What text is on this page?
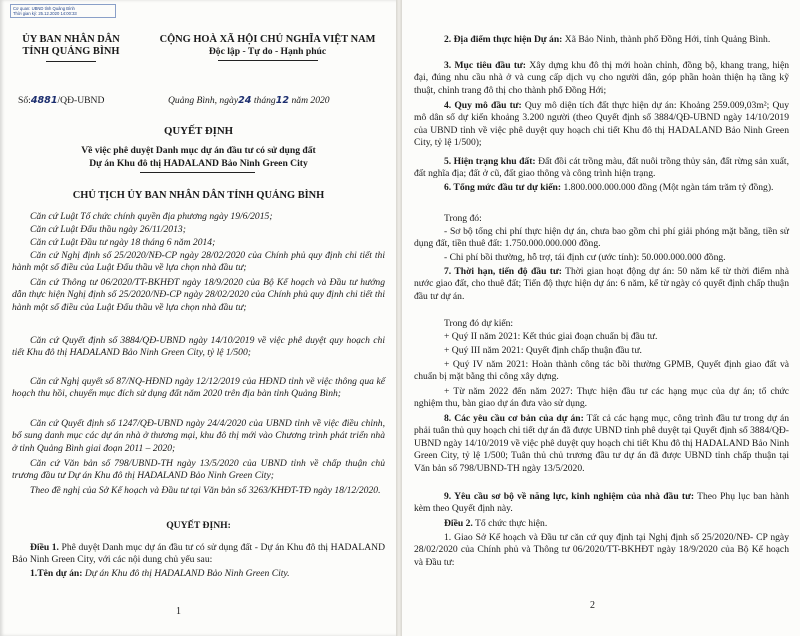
Cơ quan: UBND tỉnh Quảng Bình
Thời gian ký: 25.12.2020 14:00:33
ỦY BAN NHÂN DÂN
TỈNH QUẢNG BÌNH
Số:4881/QĐ-UBND
CỘNG HOÀ XÃ HỘI CHỦ NGHĨA VIỆT NAM
Độc lập - Tự do - Hạnh phúc
Quảng Bình, ngày24 tháng12 năm 2020
QUYẾT ĐỊNH
Về việc phê duyệt Danh mục dự án đầu tư có sử dụng đất
Dự án Khu đô thị HADALAND Bảo Ninh Green City
CHỦ TỊCH ỦY BAN NHÂN DÂN TỈNH QUẢNG BÌNH

Căn cứ Luật Tổ chức chính quyền địa phương ngày 19/6/2015;

Căn cứ Luật Đấu thầu ngày 26/11/2013;

Căn cứ Luật Đầu tư ngày 18 tháng 6 năm 2014;

Căn cứ Nghị định số 25/2020/NĐ-CP ngày 28/02/2020 của Chính phủ quy định chi tiết thi hành một số điều của Luật Đấu thầu về lựa chọn nhà đầu tư;

Căn cứ Thông tư 06/2020/TT-BKHĐT ngày 18/9/2020 của Bộ Kế hoạch và Đầu tư hướng dẫn thực hiện Nghị định số 25/2020/NĐ-CP ngày 28/02/2020 của Chính phủ quy định chi tiết thi hành một số điều của Luật Đấu thầu về lựa chọn nhà đầu tư;

Căn cứ Quyết định số 3884/QĐ-UBND ngày 14/10/2019 về việc phê duyệt quy hoạch chi tiết Khu đô thị HADALAND Bảo Ninh Green City, tỷ lệ 1/500;

Căn cứ Nghị quyết số 87/NQ-HĐND ngày 12/12/2019 của HĐND tỉnh về việc thông qua kế hoạch thu hồi, chuyển mục đích sử dụng đất năm 2020 trên địa bàn tỉnh Quảng Bình;

Căn cứ Quyết định số 1247/QĐ-UBND ngày 24/4/2020 của UBND tỉnh về việc điều chỉnh, bổ sung danh mục các dự án nhà ở thương mại, khu đô thị mới vào Chương trình phát triển nhà ở tỉnh Quảng Bình giai đoạn 2011 – 2020;

Căn cứ Văn bản số 798/UBND-TH ngày 13/5/2020 của UBND tỉnh về chấp thuận chủ trương đầu tư Dự án Khu đô thị HADALAND Bảo Ninh Green City;

Theo đề nghị của Sở Kế hoạch và Đầu tư tại Văn bản số 3263/KHĐT-TĐ ngày 18/12/2020.

QUYẾT ĐỊNH:

Điều 1. Phê duyệt Danh mục dự án đầu tư có sử dụng đất - Dự án Khu đô thị HADALAND Bảo Ninh Green City, với các nội dung chủ yếu sau:

1.Tên dự án: Dự án Khu đô thị HADALAND Bảo Ninh Green City.

1

2. Địa điểm thực hiện Dự án: Xã Bảo Ninh, thành phố Đồng Hới, tỉnh Quảng Bình.

3. Mục tiêu đầu tư: Xây dựng khu đô thị mới hoàn chỉnh, đồng bộ, khang trang, hiện đại, đúng nhu cầu nhà ở và cung cấp dịch vụ cho người dân, góp phần hoàn thiện hạ tầng kỹ thuật, chỉnh trang đô thị cho thành phố Đồng Hới;

4. Quy mô đầu tư: Quy mô diện tích đất thực hiện dự án: Khoảng 259.009,03m²; Quy mô dân số dự kiến khoảng 3.200 người (theo Quyết định số 3884/QĐ-UBND ngày 14/10/2019 của UBND tỉnh về việc phê duyệt quy hoạch chi tiết Khu đô thị HADALAND Bảo Ninh Green City, tỷ lệ 1/500);

5. Hiện trạng khu đất: Đất đồi cát trồng màu, đất nuôi trồng thủy sản, đất rừng sản xuất, đất nghĩa địa; đất ở cũ, đất giao thông và công trình hiện trạng.

6. Tổng mức đầu tư dự kiến: 1.800.000.000.000 đồng (Một ngàn tám trăm tỷ đồng).

Trong đó:

- Sơ bộ tổng chi phí thực hiện dự án, chưa bao gồm chi phí giải phóng mặt bằng, tiền sử dụng đất, tiền thuê đất: 1.750.000.000.000 đồng.

- Chi phí bồi thường, hỗ trợ, tái định cư (ước tính): 50.000.000.000 đồng.

7. Thời hạn, tiến độ đầu tư: Thời gian hoạt động dự án: 50 năm kể từ thời điểm nhà nước giao đất, cho thuê đất; Tiến độ thực hiện dự án: 6 năm, kể từ ngày có quyết định chấp thuận đầu tư dự án.

Trong đó dự kiến:

+ Quý II năm 2021: Kết thúc giai đoạn chuẩn bị đầu tư.

+ Quý III năm 2021: Quyết định chấp thuận đầu tư.

+ Quý IV năm 2021: Hoàn thành công tác bồi thường GPMB, Quyết định giao đất và chuẩn bị mặt bằng thi công xây dựng.

+ Từ năm 2022 đến năm 2027: Thực hiện đầu tư các hạng mục của dự án; tổ chức nghiệm thu, bàn giao dự án đưa vào sử dụng.

8. Các yêu cầu cơ bản của dự án: Tất cả các hạng mục, công trình đầu tư trong dự án phải tuân thủ quy hoạch chi tiết dự án đã được UBND tỉnh phê duyệt tại Quyết định số 3884/QĐ-UBND ngày 14/10/2019 về việc phê duyệt quy hoạch chi tiết Khu đô thị HADALAND Bảo Ninh Green City, tỷ lệ 1/500; Tuân thủ chủ trương đầu tư dự án đã được UBND tỉnh chấp thuận tại Văn bản số 798/UBND-TH ngày 13/5/2020.

9. Yêu cầu sơ bộ về năng lực, kinh nghiệm của nhà đầu tư: Theo Phụ lục ban hành kèm theo Quyết định này.

Điều 2. Tổ chức thực hiện.

1. Giao Sở Kế hoạch và Đầu tư căn cứ quy định tại Nghị định số 25/2020/NĐ- CP ngày 28/02/2020 của Chính phủ và Thông tư 06/2020/TT-BKHĐT ngày 18/9/2020 của Bộ Kế hoạch và Đầu tư:

2
